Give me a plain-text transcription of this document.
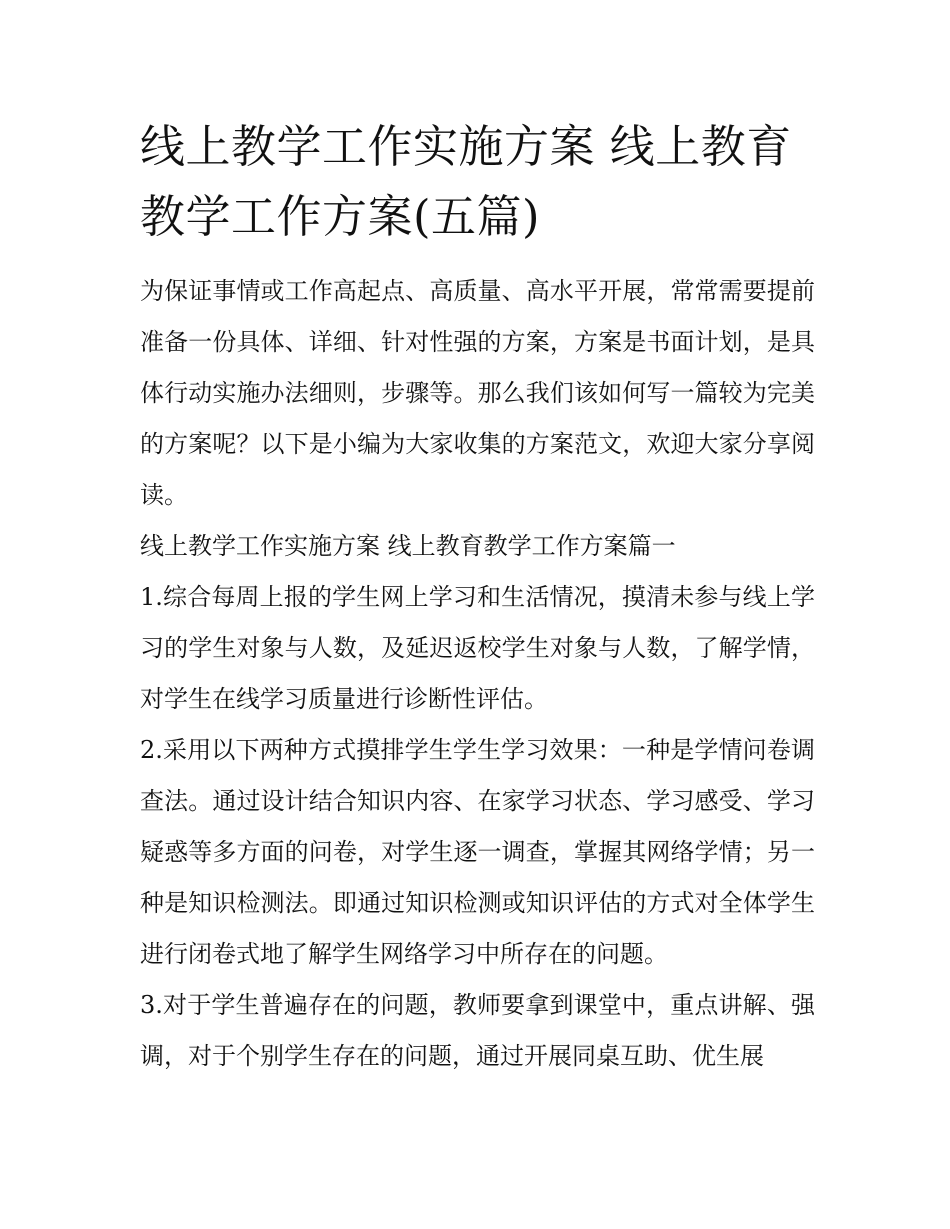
线上教学工作实施方案 线上教育教学工作方案(五篇)

为保证事情或工作高起点、高质量、高水平开展，常常需要提前准备一份具体、详细、针对性强的方案，方案是书面计划，是具体行动实施办法细则，步骤等。那么我们该如何写一篇较为完美的方案呢？以下是小编为大家收集的方案范文，欢迎大家分享阅读。

线上教学工作实施方案 线上教育教学工作方案篇一

1.综合每周上报的学生网上学习和生活情况，摸清未参与线上学习的学生对象与人数，及延迟返校学生对象与人数，了解学情，对学生在线学习质量进行诊断性评估。

2.采用以下两种方式摸排学生学生学习效果：一种是学情问卷调查法。通过设计结合知识内容、在家学习状态、学习感受、学习疑惑等多方面的问卷，对学生逐一调查，掌握其网络学情；另一种是知识检测法。即通过知识检测或知识评估的方式对全体学生进行闭卷式地了解学生网络学习中所存在的问题。

3.对于学生普遍存在的问题，教师要拿到课堂中，重点讲解、强调，对于个别学生存在的问题，通过开展同桌互助、优生展
